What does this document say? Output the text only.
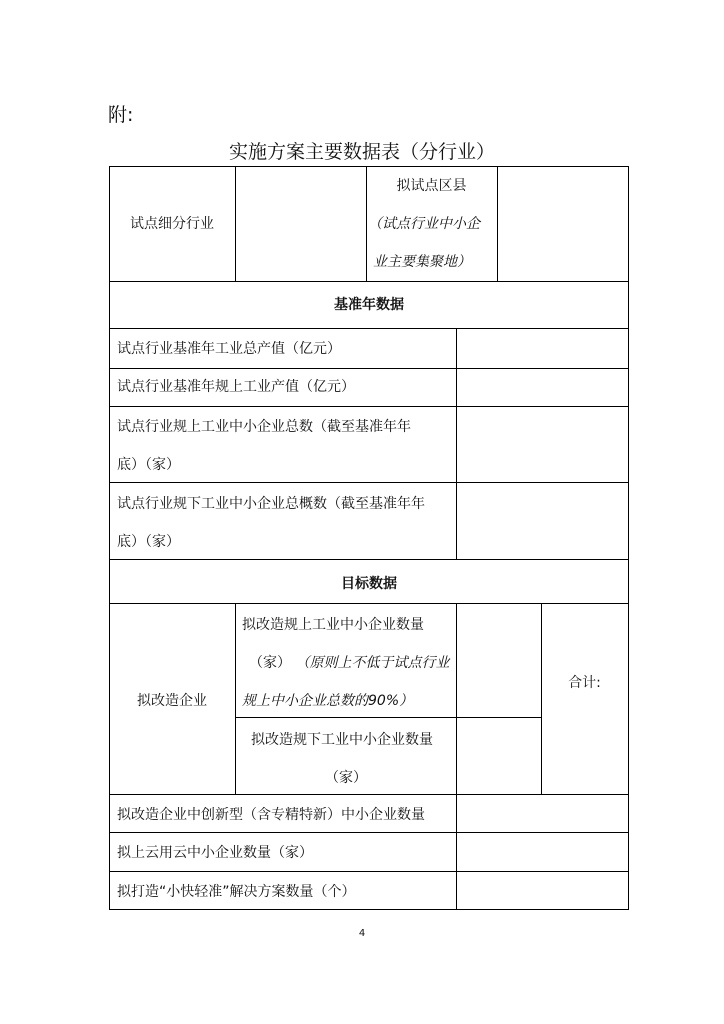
附:
实施方案主要数据表（分行业）
试点细分行业
拟试点区县
（试点行业中小企
业主要集聚地）
基准年数据
试点行业基准年工业总产值（亿元）
试点行业基准年规上工业产值（亿元）
试点行业规上工业中小企业总数（截至基准年年
底）（家）
试点行业规下工业中小企业总概数（截至基准年年
底）（家）
目标数据
拟改造企业
拟改造规上工业中小企业数量
（家） （原则上不低于试点行业
规上中小企业总数的90%）
拟改造规下工业中小企业数量
（家）
合计:
拟改造企业中创新型（含专精特新）中小企业数量
拟上云用云中小企业数量（家）
拟打造“小快轻准”解决方案数量（个）
4
